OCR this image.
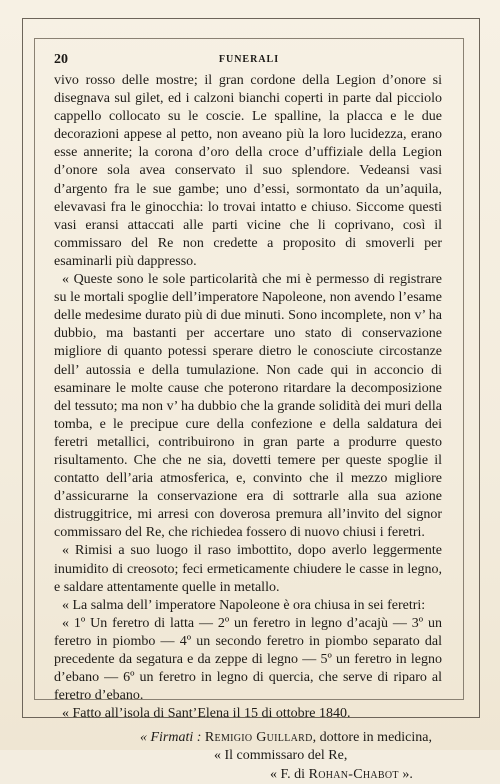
20	FUNERALI

vivo rosso delle mostre; il gran cordone della Legion d’onore si disegnava sul gilet, ed i calzoni bianchi coperti in parte dal picciolo cappello collocato su le coscie. Le spalline, la placca e le due decorazioni appese al petto, non aveano più la loro lucidezza, erano esse annerite; la corona d’oro della croce d’uffiziale della Legion d’onore sola avea conservato il suo splendore. Vedeansi vasi d’argento fra le sue gambe; uno d’essi, sormontato da un’aquila, elevavasi fra le ginocchia: lo trovai intatto e chiuso. Siccome questi vasi eransi attaccati alle parti vicine che li coprivano, così il commissaro del Re non credette a proposito di smoverli per esaminarli più dappresso.

« Queste sono le sole particolarità che mi è permesso di registrare su le mortali spoglie dell’imperatore Napoleone, non avendo l’esame delle medesime durato più di due minuti. Sono incomplete, non v’ ha dubbio, ma bastanti per accertare uno stato di conservazione migliore di quanto potessi sperare dietro le conosciute circostanze dell’ autossia e della tumulazione. Non cade qui in acconcio di esaminare le molte cause che poterono ritardare la decomposizione del tessuto; ma non v’ ha dubbio che la grande solidità dei muri della tomba, e le precipue cure della confezione e della saldatura dei feretri metallici, contribuirono in gran parte a produrre questo risultamento. Che che ne sia, dovetti temere per queste spoglie il contatto dell’aria atmosferica, e, convinto che il mezzo migliore d’assicurarne la conservazione era di sottrarle alla sua azione distruggitrice, mi arresi con doverosa premura all’invito del signor commissaro del Re, che richiedea fossero di nuovo chiusi i feretri.

« Rimisi a suo luogo il raso imbottito, dopo averlo leggermente inumidito di creosoto; feci ermeticamente chiudere le casse in legno, e saldare attentamente quelle in metallo.

« La salma dell’ imperatore Napoleone è ora chiusa in sei feretri:

« 1º Un feretro di latta — 2º un feretro in legno d’acajù — 3º un feretro in piombo — 4º un secondo feretro in piombo separato dal precedente da segatura e da zeppe di legno — 5º un feretro in legno d’ebano — 6º un feretro in legno di quercia, che serve di riparo al feretro d’ebano.

« Fatto all’isola di Sant’Elena il 15 di ottobre 1840.

« Firmati : Remigio Guillard, dottore in medicina,

« Il commissaro del Re,

« F. di Rohan-Chabot ».
